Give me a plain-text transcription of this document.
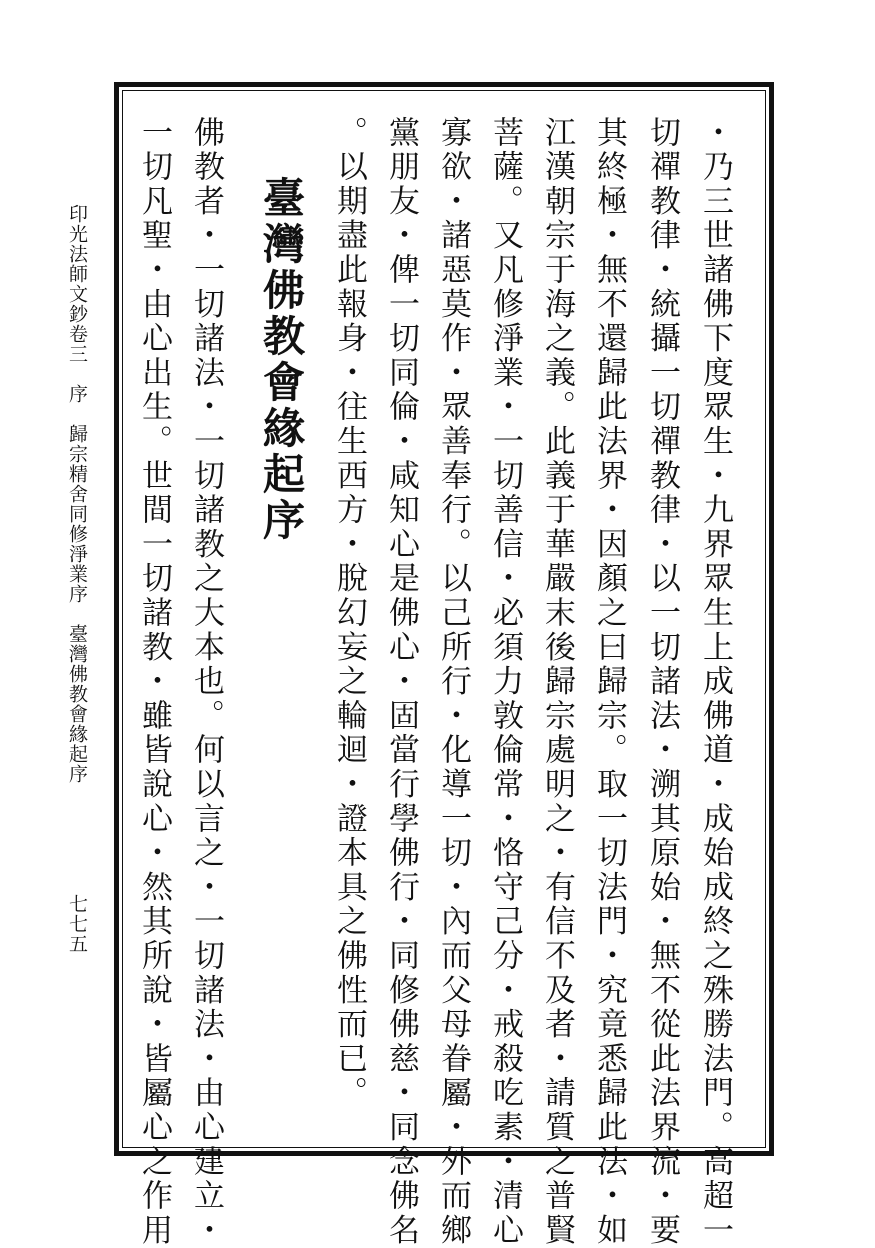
印光法師文鈔卷三　序　歸宗精舍同修淨業序　臺灣佛教會緣起序
七七五	・乃三世諸佛下度眾生・九界眾生上成佛道・成始成終之殊勝法門。高超一
切禪教律・統攝一切禪教律・以一切諸法・溯其原始・無不從此法界流・要
其終極・無不還歸此法界・因顏之曰歸宗。取一切法門・究竟悉歸此法・如
江漢朝宗于海之義。此義于華嚴末後歸宗處明之・有信不及者・請質之普賢
菩薩。又凡修淨業・一切善信・必須力敦倫常・恪守己分・戒殺吃素・清心
寡欲・諸惡莫作・眾善奉行。以己所行・化導一切・內而父母眷屬・外而鄉
黨朋友・俾一切同倫・咸知心是佛心・固當行學佛行・同修佛慈・同念佛名
。以期盡此報身・往生西方・脫幻妄之輪迴・證本具之佛性而已。
臺灣佛教會緣起序
佛教者・一切諸法・一切諸教之大本也。何以言之・一切諸法・由心建立・
一切凡聖・由心出生。世間一切諸教・雖皆說心・然其所說・皆屬心之作用
